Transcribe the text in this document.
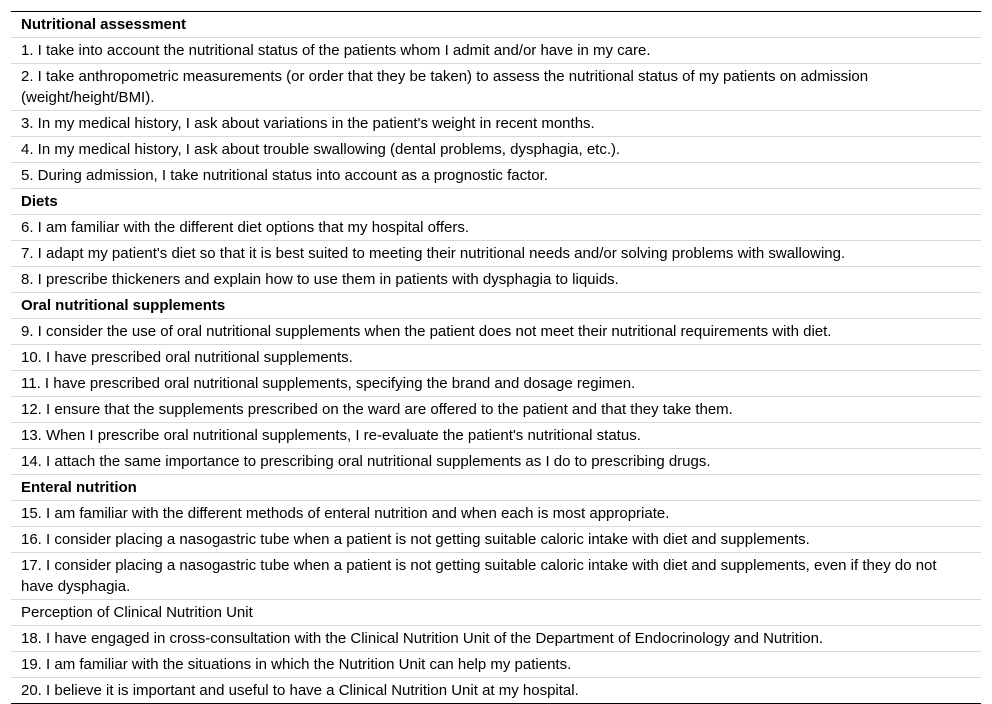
Nutritional assessment
1. I take into account the nutritional status of the patients whom I admit and/or have in my care.
2. I take anthropometric measurements (or order that they be taken) to assess the nutritional status of my patients on admission (weight/height/BMI).
3. In my medical history, I ask about variations in the patient's weight in recent months.
4. In my medical history, I ask about trouble swallowing (dental problems, dysphagia, etc.).
5. During admission, I take nutritional status into account as a prognostic factor.
Diets
6. I am familiar with the different diet options that my hospital offers.
7. I adapt my patient's diet so that it is best suited to meeting their nutritional needs and/or solving problems with swallowing.
8. I prescribe thickeners and explain how to use them in patients with dysphagia to liquids.
Oral nutritional supplements
9. I consider the use of oral nutritional supplements when the patient does not meet their nutritional requirements with diet.
10. I have prescribed oral nutritional supplements.
11. I have prescribed oral nutritional supplements, specifying the brand and dosage regimen.
12. I ensure that the supplements prescribed on the ward are offered to the patient and that they take them.
13. When I prescribe oral nutritional supplements, I re-evaluate the patient's nutritional status.
14. I attach the same importance to prescribing oral nutritional supplements as I do to prescribing drugs.
Enteral nutrition
15. I am familiar with the different methods of enteral nutrition and when each is most appropriate.
16. I consider placing a nasogastric tube when a patient is not getting suitable caloric intake with diet and supplements.
17. I consider placing a nasogastric tube when a patient is not getting suitable caloric intake with diet and supplements, even if they do not have dysphagia.
Perception of Clinical Nutrition Unit
18. I have engaged in cross-consultation with the Clinical Nutrition Unit of the Department of Endocrinology and Nutrition.
19. I am familiar with the situations in which the Nutrition Unit can help my patients.
20. I believe it is important and useful to have a Clinical Nutrition Unit at my hospital.
